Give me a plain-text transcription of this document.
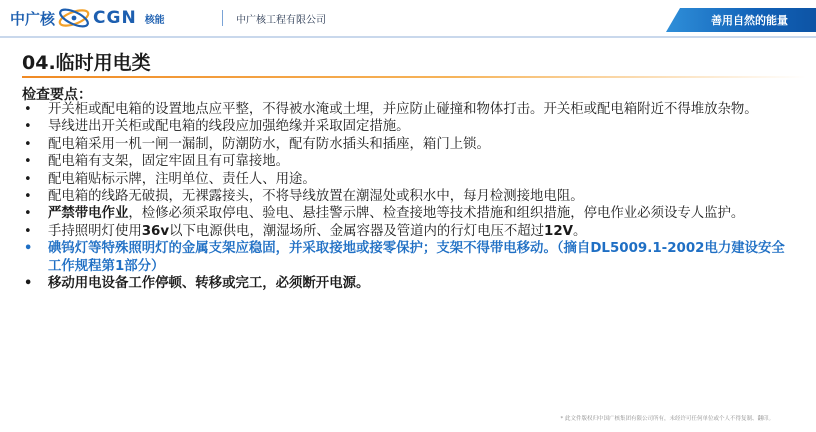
中广核 CGN 核能	中广核工程有限公司	善用自然的能量
04.临时用电类
检查要点：
• 开关柜或配电箱的设置地点应平整，不得被水淹或土埋，并应防止碰撞和物体打击。开关柜或配电箱附近不得堆放杂物。
• 导线进出开关柜或配电箱的线段应加强绝缘并采取固定措施。
• 配电箱采用一机一闸一漏制，防潮防水，配有防水插头和插座，箱门上锁。
• 配电箱有支架，固定牢固且有可靠接地。
• 配电箱贴标示牌，注明单位、责任人、用途。
• 配电箱的线路无破损，无裸露接头，不将导线放置在潮湿处或积水中，每月检测接地电阻。
• 严禁带电作业，检修必须采取停电、验电、悬挂警示牌、检查接地等技术措施和组织措施，停电作业必须设专人监护。
• 手持照明灯使用36v以下电源供电，潮湿场所、金属容器及管道内的行灯电压不超过12V。
• 碘钨灯等特殊照明灯的金属支架应稳固，并采取接地或接零保护；支架不得带电移动。（摘自DL5009.1-2002电力建设安全工作规程第1部分）
• 移动用电设备工作停顿、转移或完工，必须断开电源。
* 此文件版权归中国广核集团有限公司所有，未经许可任何单位或个人不得复制、翻印。
